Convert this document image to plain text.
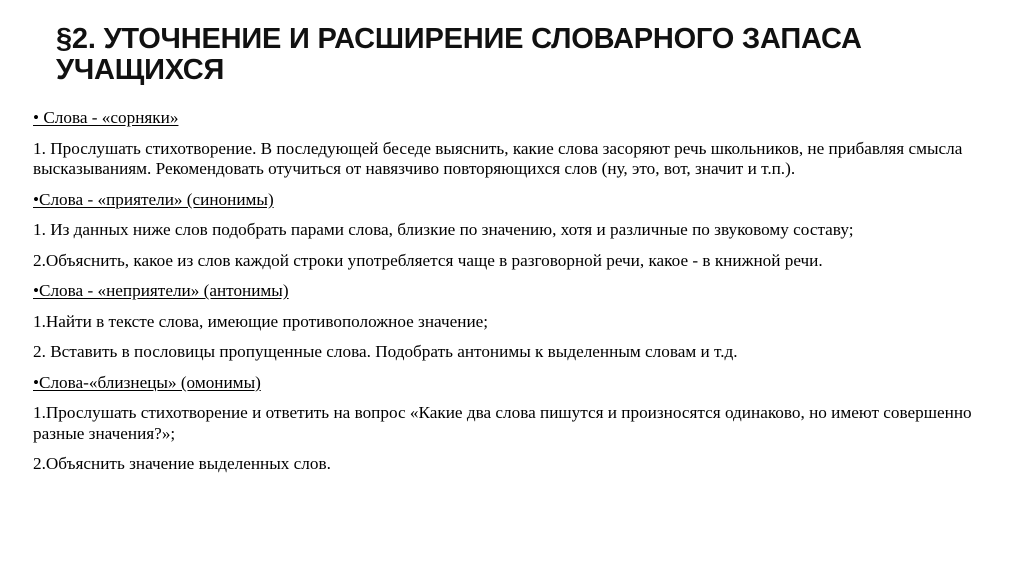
§2. УТОЧНЕНИЕ И РАСШИРЕНИЕ СЛОВАРНОГО ЗАПАСА УЧАЩИХСЯ

• Слова - «сорняки»

1. Прослушать стихотворение. В последующей беседе выяснить, какие слова засоряют речь школьников, не прибавляя смысла высказываниям. Рекомендовать отучиться от навязчиво повторяющихся слов (ну, это, вот, значит и т.п.).

•Слова - «приятели» (синонимы)

1. Из данных ниже слов подобрать парами слова, близкие по значению, хотя и различные по звуковому составу;

2.Объяснить, какое из слов каждой строки употребляется чаще в разговорной речи, какое - в книжной речи.

•Слова - «неприятели» (антонимы)

1.Найти в тексте слова, имеющие противоположное значение;

2. Вставить в пословицы пропущенные слова. Подобрать антонимы к выделенным словам и т.д.

•Слова-«близнецы» (омонимы)

1.Прослушать стихотворение и ответить на вопрос «Какие два слова пишутся и произносятся одинаково, но имеют совершенно разные значения?»;

2.Объяснить значение выделенных слов.
